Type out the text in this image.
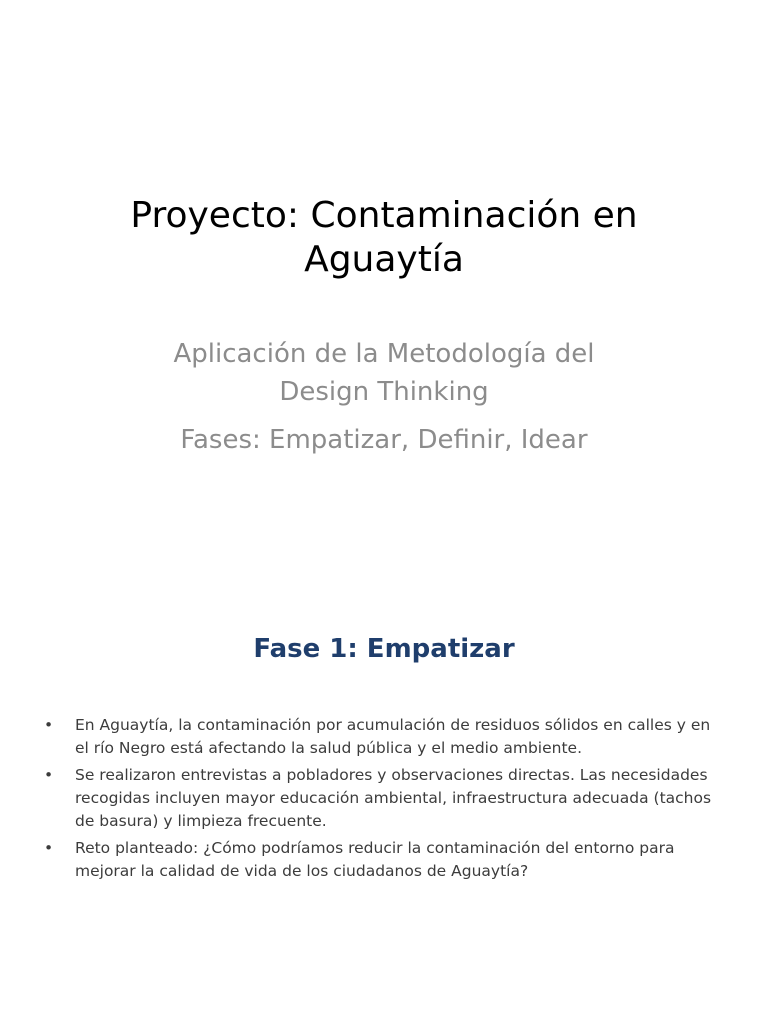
Proyecto: Contaminación en
Aguaytía

Aplicación de la Metodología del
Design Thinking

Fases: Empatizar, Definir, Idear

Fase 1: Empatizar
• En Aguaytía, la contaminación por acumulación de residuos sólidos en calles y en el río Negro está afectando la salud pública y el medio ambiente.
• Se realizaron entrevistas a pobladores y observaciones directas. Las necesidades recogidas incluyen mayor educación ambiental, infraestructura adecuada (tachos de basura) y limpieza frecuente.
• Reto planteado: ¿Cómo podríamos reducir la contaminación del entorno para mejorar la calidad de vida de los ciudadanos de Aguaytía?
